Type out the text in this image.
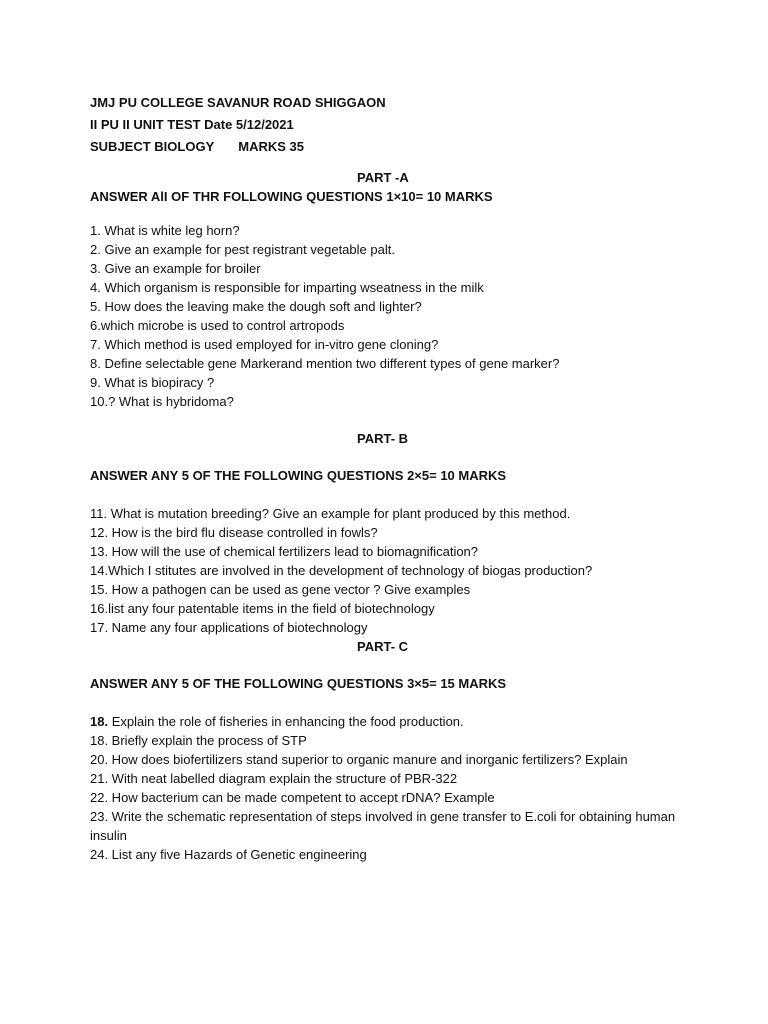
JMJ PU COLLEGE SAVANUR ROAD SHIGGAON
II PU II UNIT TEST Date 5/12/2021
SUBJECT BIOLOGY MARKS 35
PART -A
ANSWER AlI OF THR FOLLOWING QUESTIONS 1×10= 10 MARKS
1. What is white leg horn?
2. Give an example for pest registrant vegetable palt.
3. Give an example for broiler
4. Which organism is responsible for imparting wseatness in the milk
5. How does the leaving make the dough soft and lighter?
6.which microbe is used to control artropods
7. Which method is used employed for in-vitro gene cloning?
8. Define selectable gene Markerand mention two different types of gene marker?
9. What is biopiracy ?
10.? What is hybridoma?
PART- B
ANSWER ANY 5 OF THE FOLLOWING QUESTIONS 2×5= 10 MARKS
11. What is mutation breeding? Give an example for plant produced by this method.
12. How is the bird flu disease controlled in fowls?
13. How will the use of chemical fertilizers lead to biomagnification?
14.Which I stitutes are involved in the development of technology of biogas production?
15. How a pathogen can be used as gene vector ? Give examples
16.list any four patentable items in the field of biotechnology
17. Name any four applications of biotechnology
PART- C
ANSWER ANY 5 OF THE FOLLOWING QUESTIONS 3×5= 15 MARKS
18. Explain the role of fisheries in enhancing the food production.
18. Briefly explain the process of STP
20. How does biofertilizers stand superior to organic manure and inorganic fertilizers? Explain
21. With neat labelled diagram explain the structure of PBR-322
22. How bacterium can be made competent to accept rDNA? Example
23. Write the schematic representation of steps involved in gene transfer to E.coli for obtaining human insulin
24. List any five Hazards of Genetic engineering
